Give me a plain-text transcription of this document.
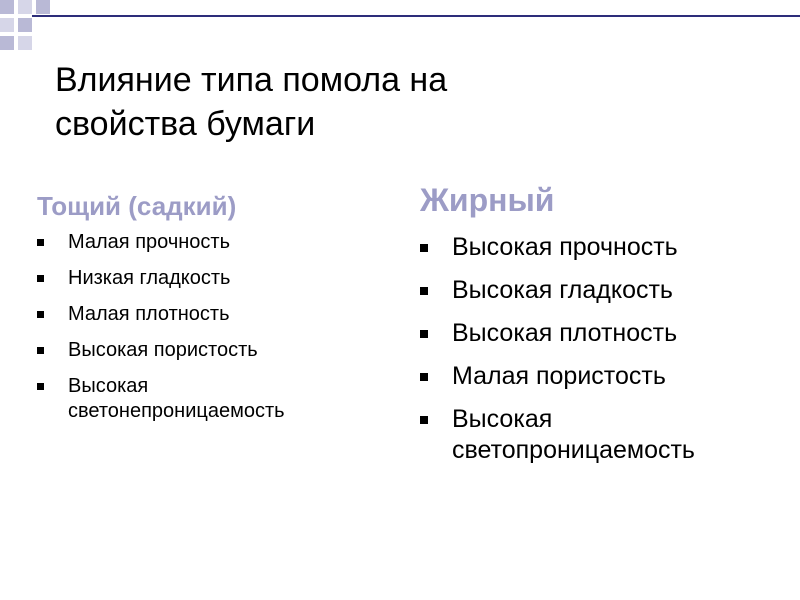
Влияние типа помола на
свойства бумаги

Тощий (садкий)

Малая прочность
Низкая гладкость
Малая плотность
Высокая пористость
Высокая светонепроницаемость

Жирный

Высокая прочность
Высокая гладкость
Высокая плотность
Малая пористость
Высокая светопроницаемость
